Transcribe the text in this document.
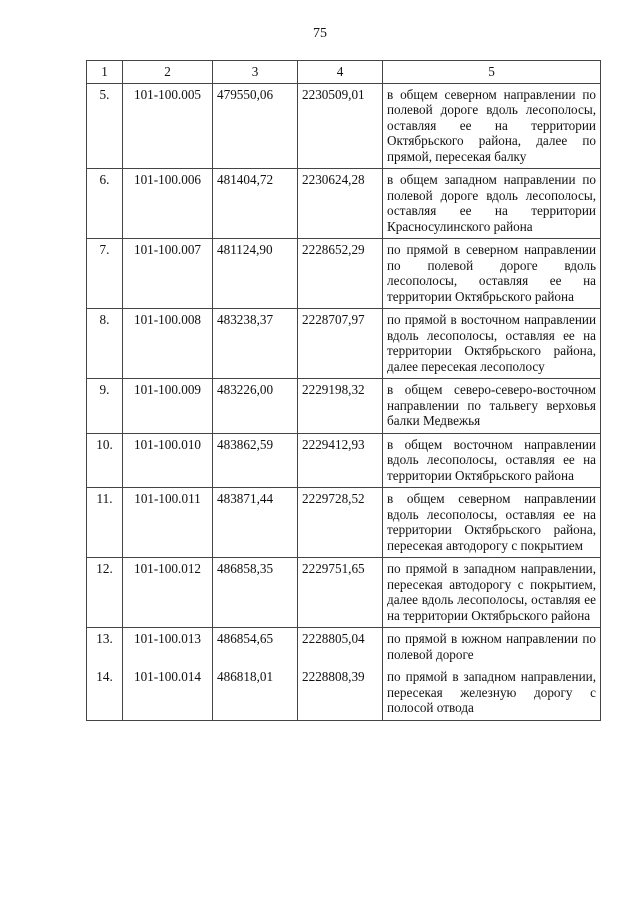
75
1	2	3	4	5
5.	101-100.005	479550,06	2230509,01	в общем северном направлении по полевой дороге вдоль лесополосы, оставляя ее на территории Октябрьского района, далее по прямой, пересекая балку
6.	101-100.006	481404,72	2230624,28	в общем западном направлении по полевой дороге вдоль лесополосы, оставляя ее на территории Красносулинского района
7.	101-100.007	481124,90	2228652,29	по прямой в северном направлении по полевой дороге вдоль лесополосы, оставляя ее на территории Октябрьского района
8.	101-100.008	483238,37	2228707,97	по прямой в восточном направлении вдоль лесополосы, оставляя ее на территории Октябрьского района, далее пересекая лесополосу
9.	101-100.009	483226,00	2229198,32	в общем северо-северо-восточном направлении по тальвегу верховья балки Медвежья
10.	101-100.010	483862,59	2229412,93	в общем восточном направлении вдоль лесополосы, оставляя ее на территории Октябрьского района
11.	101-100.011	483871,44	2229728,52	в общем северном направлении вдоль лесополосы, оставляя ее на территории Октябрьского района, пересекая автодорогу с покрытием
12.	101-100.012	486858,35	2229751,65	по прямой в западном направлении, пересекая автодорогу с покрытием, далее вдоль лесополосы, оставляя ее на территории Октябрьского района
13.	101-100.013	486854,65	2228805,04	по прямой в южном направлении по полевой дороге
14.	101-100.014	486818,01	2228808,39	по прямой в западном направлении, пересекая железную дорогу с полосой отвода
